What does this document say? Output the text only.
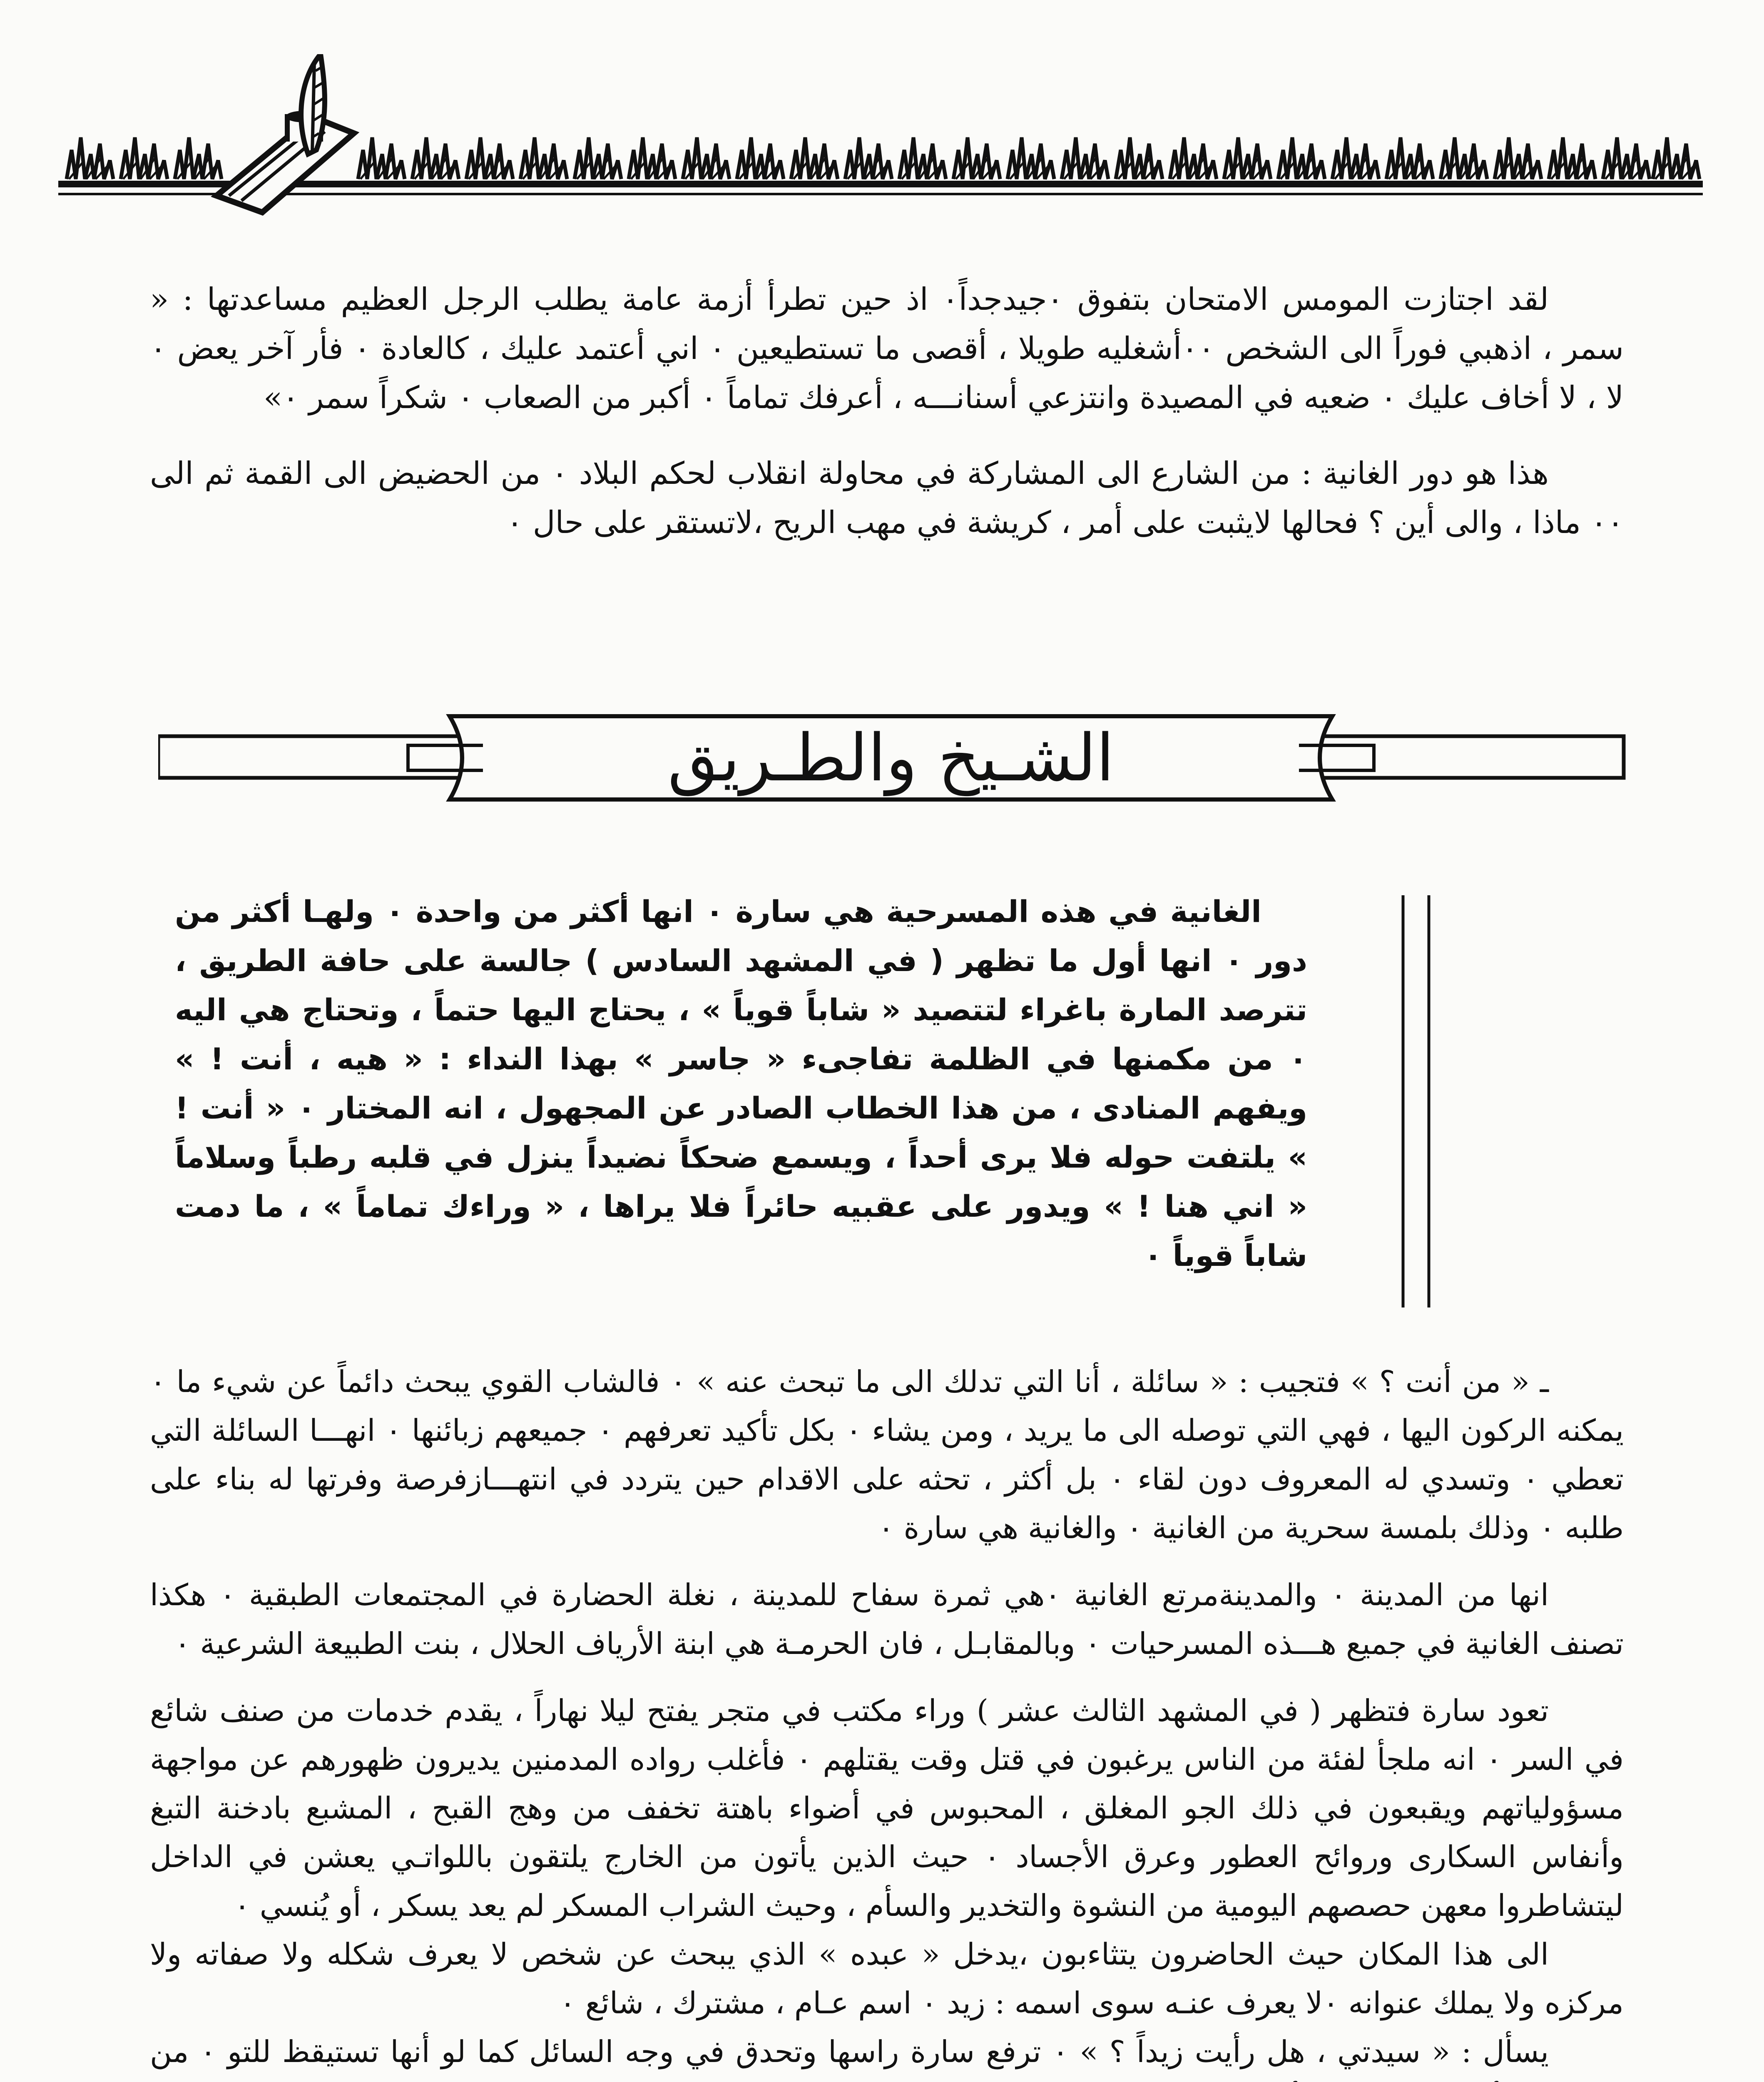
لقد اجتازت المومس الامتحان بتفوق ٠جيدجداً٠ اذ حين تطرأ أزمة عامة يطلب الرجل العظيم مساعدتها : « سمر ، اذهبي فوراً الى الشخص ٠٠أشغليه طويلا ، أقصى ما تستطيعين ٠ اني أعتمد عليك ، كالعادة ٠ فأر آخر يعض ٠ لا ، لا أخاف عليك ٠ ضعيه في المصيدة وانتزعي أسنانـــه ، أعرفك تماماً ٠ أكبر من الصعاب ٠ شكراً سمر ٠»

هذا هو دور الغانية : من الشارع الى المشاركة في محاولة انقلاب لحكم البلاد ٠ من الحضيض الى القمة ثم الى ٠٠ ماذا ، والى أين ؟ فحالها لايثبت على أمر ، كريشة في مهب الريح ،لاتستقر على حال ٠

الشـيخ والطـريق

الغانية في هذه المسرحية هي سارة ٠ انها أكثر من واحدة ٠ ولهـا أكثر من دور ٠ انها أول ما تظهر ( في المشهد السادس ) جالسة على حافة الطريق ، تترصد المارة باغراء لتتصيد « شاباً قوياً » ، يحتاج اليها حتماً ، وتحتاج هي اليه ٠ من مكمنها في الظلمة تفاجىء « جاسر » بهذا النداء : « هيه ، أنت ! » ويفهم المنادى ، من هذا الخطاب الصادر عن المجهول ، انه المختار ٠ « أنت ! » يلتفت حوله فلا يرى أحداً ، ويسمع ضحكاً نضيداً ينزل في قلبه رطباً وسلاماً « اني هنا ! » ويدور على عقبيه حائراً فلا يراها ، « وراءك تماماً » ، ما دمت شاباً قوياً ٠

ـ « من أنت ؟ » فتجيب : « سائلة ، أنا التي تدلك الى ما تبحث عنه » ٠ فالشاب القوي يبحث دائماً عن شيء ما ٠ يمكنه الركون اليها ، فهي التي توصله الى ما يريد ، ومن يشاء ٠ بكل تأكيد تعرفهم ٠ جميعهم زبائنها ٠ انهـــا السائلة التي تعطي ٠ وتسدي له المعروف دون لقاء ٠ بل أكثر ، تحثه على الاقدام حين يتردد في انتهـــازفرصة وفرتها له بناء على طلبه ٠ وذلك بلمسة سحرية من الغانية ٠ والغانية هي سارة ٠

انها من المدينة ٠ والمدينةمرتع الغانية ٠هي ثمرة سفاح للمدينة ، نغلة الحضارة في المجتمعات الطبقية ٠ هكذا تصنف الغانية في جميع هـــذه المسرحيات ٠ وبالمقابـل ، فان الحرمـة هي ابنة الأرياف الحلال ، بنت الطبيعة الشرعية ٠

تعود سارة فتظهر ( في المشهد الثالث عشر ) وراء مكتب في متجر يفتح ليلا نهاراً ، يقدم خدمات من صنف شائع في السر ٠ انه ملجأ لفئة من الناس يرغبون في قتل وقت يقتلهم ٠ فأغلب رواده المدمنين يديرون ظهورهم عن مواجهة مسؤولياتهم ويقبعون في ذلك الجو المغلق ، المحبوس في أضواء باهتة تخفف من وهج القبح ، المشبع بادخنة التبغ وأنفاس السكارى وروائح العطور وعرق الأجساد ٠ حيث الذين يأتون من الخارج يلتقون باللواتـي يعشن في الداخل ليتشاطروا معهن حصصهم اليومية من النشوة والتخدير والسأم ، وحيث الشراب المسكر لم يعد يسكر ، أو يُنسي ٠

الى هذا المكان حيث الحاضرون يتثاءبون ،يدخل « عبده » الذي يبحث عن شخص لا يعرف شكله ولا صفاته ولا مركزه ولا يملك عنوانه ٠لا يعرف عنـه سوى اسمه : زيد ٠ اسم عـام ، مشترك ، شائع ٠

يسأل : « سيدتي ، هل رأيت زيداً ؟ » ٠ ترفع سارة راسها وتحدق في وجه السائل كما لو أنها تستيقظ للتو ٠ من
